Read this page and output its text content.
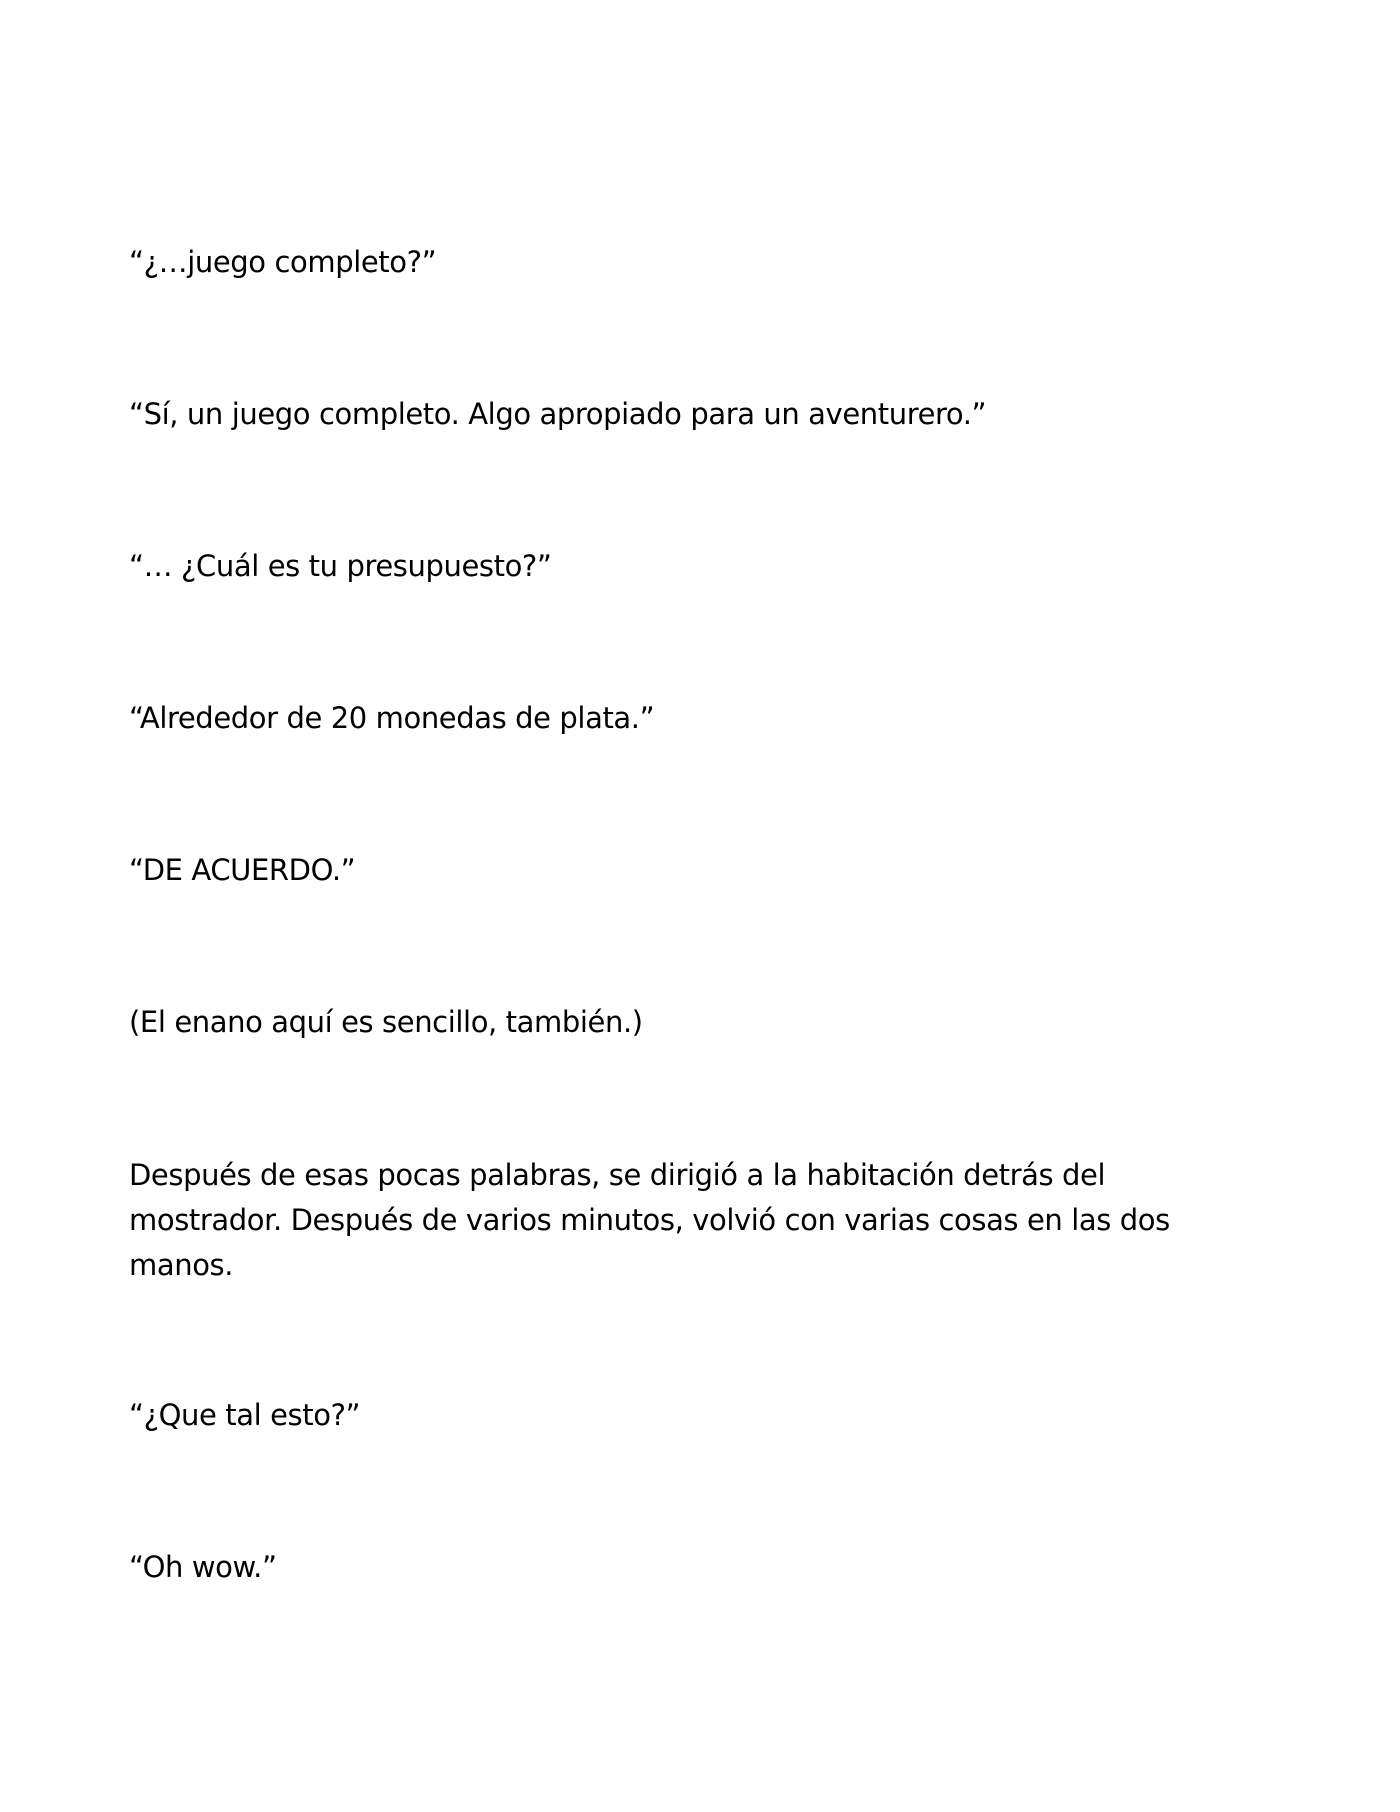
“¿…juego completo?”

“Sí, un juego completo. Algo apropiado para un aventurero.”

“… ¿Cuál es tu presupuesto?”

“Alrededor de 20 monedas de plata.”

“DE ACUERDO.”

(El enano aquí es sencillo, también.)

Después de esas pocas palabras, se dirigió a la habitación detrás del mostrador. Después de varios minutos, volvió con varias cosas en las dos manos.

“¿Que tal esto?”

“Oh wow.”
